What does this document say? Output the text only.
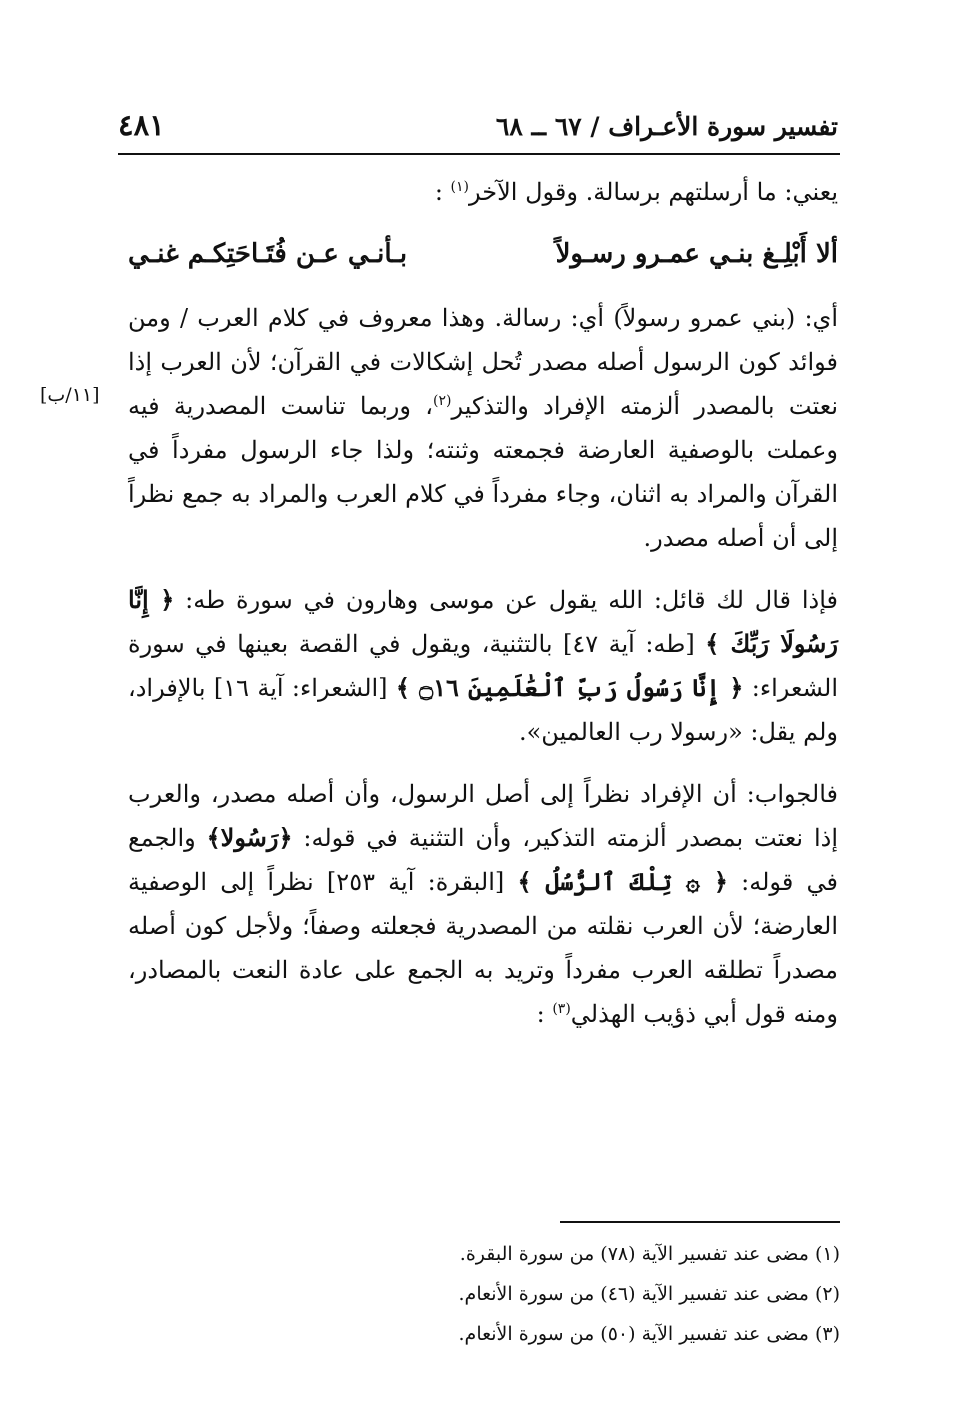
تفسير سورة الأعـراف / ٦٧ ــ ٦٨
٤٨١
[١١/ب]

يعني: ما أرسلتهم برسالة. وقول الآخر$^{(١)}$ :

ألا أَبْلِـغ بنـي عمـرو رسـولاً
بـأنـي عـن فُتَـاحَتِكـم غنـي

أي: (بني عمرو رسولاً) أي: رسالة. وهذا معروف في كلام العرب / ومن فوائد كون الرسول أصله مصدر تُحل إشكالات في القرآن؛ لأن العرب إذا نعتت بالمصدر ألزمته الإفراد والتذكير$^{(٢)}$، وربما تناست المصدرية فيه وعملت بالوصفية العارضة فجمعته وثنته؛ ولذا جاء الرسول مفرداً في القرآن والمراد به اثنان، وجاء مفرداً في كلام العرب والمراد به جمع نظراً إلى أن أصله مصدر.

فإذا قال لك قائل: الله يقول عن موسى وهارون في سورة طه: ﴿ إِنَّا رَسُولَا رَبِّكَ ﴾ [طه: آية ٤٧] بالتثنية، ويقول في القصة بعينها في سورة الشعراء: ﴿ إِنَّا رَسُولُ رَبِّ ٱلْعَٰلَمِينَ ۝١٦ ﴾ [الشعراء: آية ١٦] بالإفراد، ولم يقل: «رسولا رب العالمين».

فالجواب: أن الإفراد نظراً إلى أصل الرسول، وأن أصله مصدر، والعرب إذا نعتت بمصدر ألزمته التذكير، وأن التثنية في قوله: ﴿رَسُولا﴾ والجمع في قوله: ﴿ ۞ تِلْكَ ٱلرُّسُلُ ﴾ [البقرة: آية ٢٥٣] نظراً إلى الوصفية العارضة؛ لأن العرب نقلته من المصدرية فجعلته وصفاً؛ ولأجل كون أصله مصدراً تطلقه العرب مفرداً وتريد به الجمع على عادة النعت بالمصادر، ومنه قول أبي ذؤيب الهذلي$^{(٣)}$ :

(١) مضى عند تفسير الآية (٧٨) من سورة البقرة.
(٢) مضى عند تفسير الآية (٤٦) من سورة الأنعام.
(٣) مضى عند تفسير الآية (٥٠) من سورة الأنعام.
